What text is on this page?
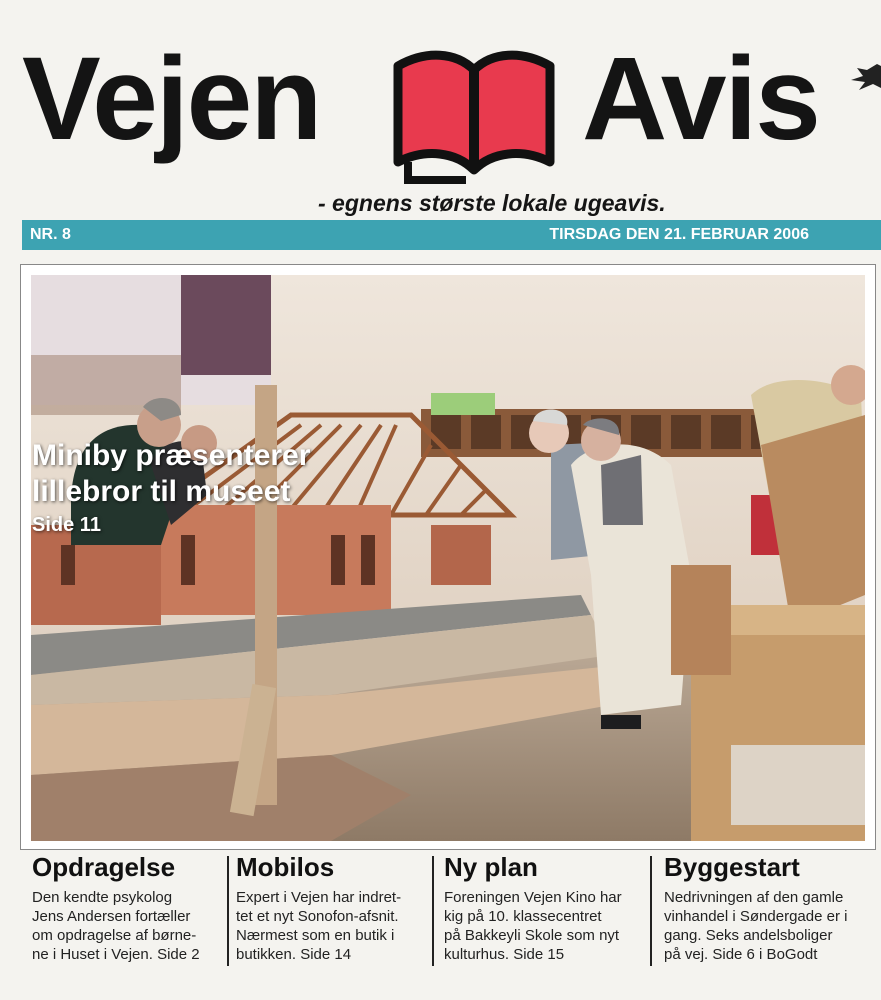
Vejen Avis
- egnens største lokale ugeavis.
NR. 8	TIRSDAG DEN 21. FEBRUAR 2006
Miniby præsenterer
lillebror til museet
Side 11
Opdragelse

Den kendte psykolog
Jens Andersen fortæller
om opdragelse af børne-
ne i Huset i Vejen. Side 2

Mobilos

Expert i Vejen har indret-
tet et nyt Sonofon-afsnit.
Nærmest som en butik i
butikken. Side 14

Ny plan

Foreningen Vejen Kino har
kig på 10. klassecentret
på Bakkeyli Skole som nyt
kulturhus. Side 15

Byggestart

Nedrivningen af den gamle
vinhandel i Søndergade er i
gang. Seks andelsboliger
på vej. Side 6 i BoGodt
